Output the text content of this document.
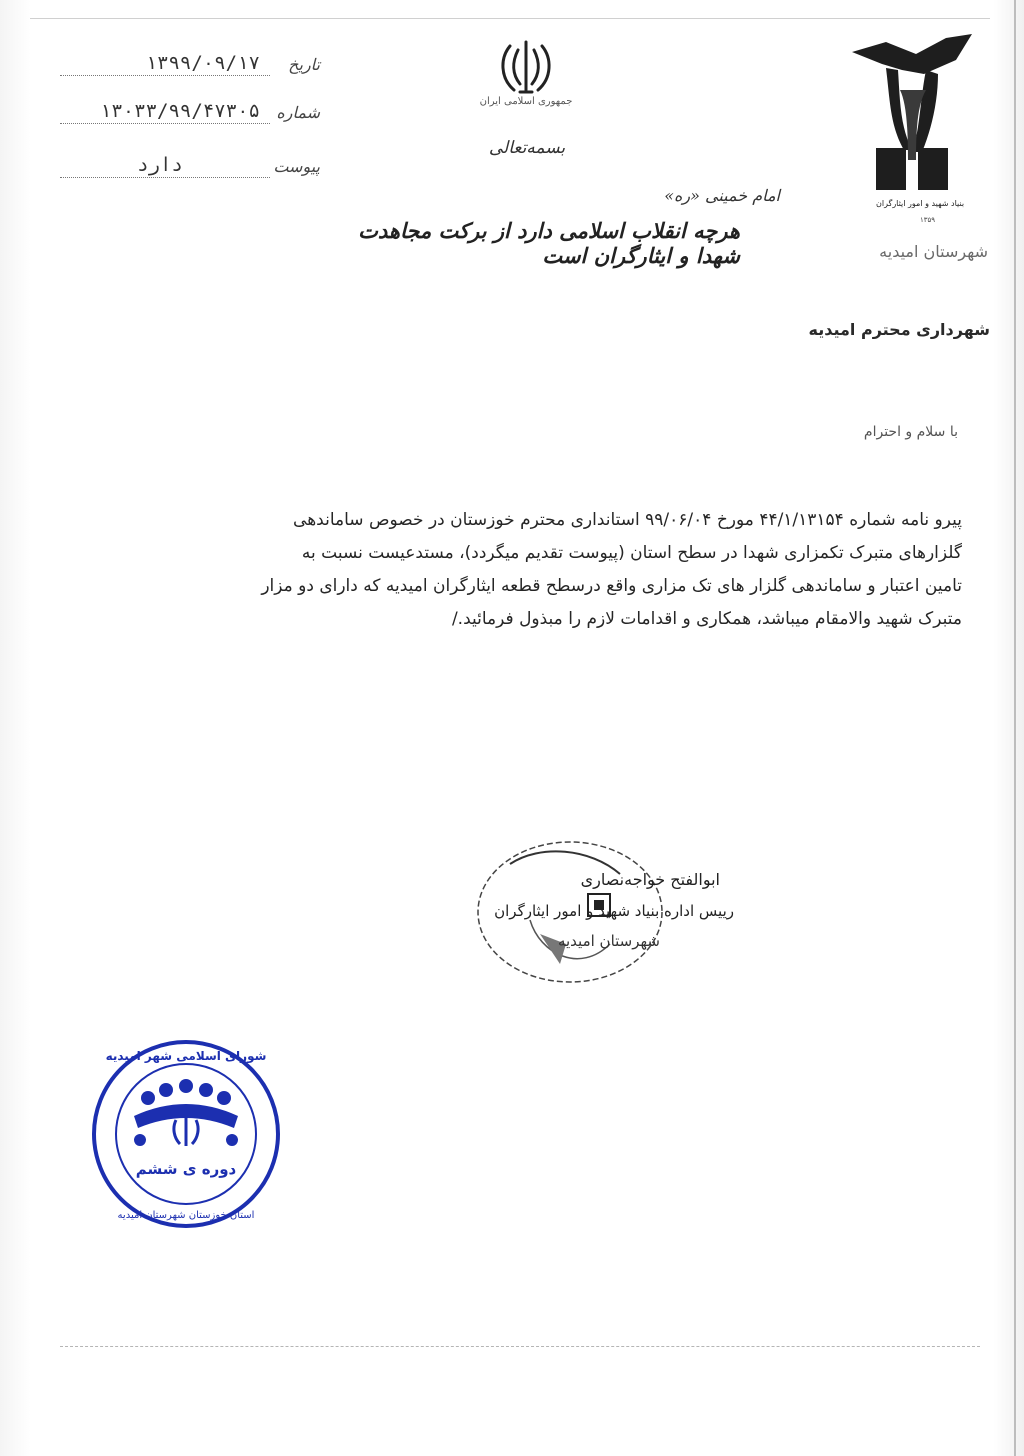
۱۳۹۹/۰۹/۱۷	تاریخ
۱۳۰۳۳/۹۹/۴۷۳۰۵	شماره
دارد	پیوست
جمهوری اسلامی ایران
بسمه‌تعالی
امام خمینی «ره»
هرچه انقلاب اسلامی دارد از برکت مجاهدت شهدا و ایثارگران است
بنیاد شهید و امور ایثارگران
۱۳۵۹
شهرستان امیدیه
شهرداری محترم امیدیه
با سلام و احترام
پیرو نامه شماره ۴۴/۱/۱۳۱۵۴ مورخ ۹۹/۰۶/۰۴ استانداری محترم خوزستان در خصوص ساماندهی
گلزارهای متبرک تکمزاری شهدا در سطح استان (پیوست تقدیم میگردد)، مستدعیست نسبت به
تامین اعتبار و ساماندهی گلزار های تک مزاری واقع درسطح قطعه ایثارگران امیدیه که دارای دو مزار
متبرک شهید والامقام میباشد، همکاری و اقدامات لازم را مبذول فرمائید./
ابوالفتح خواجه‌نصاری
رییس اداره بنیاد شهید و امور ایثارگران
شهرستان امیدیه
دوره ی ششم
شورای اسلامی شهر امیدیه
استان خوزستان شهرستان امیدیه
